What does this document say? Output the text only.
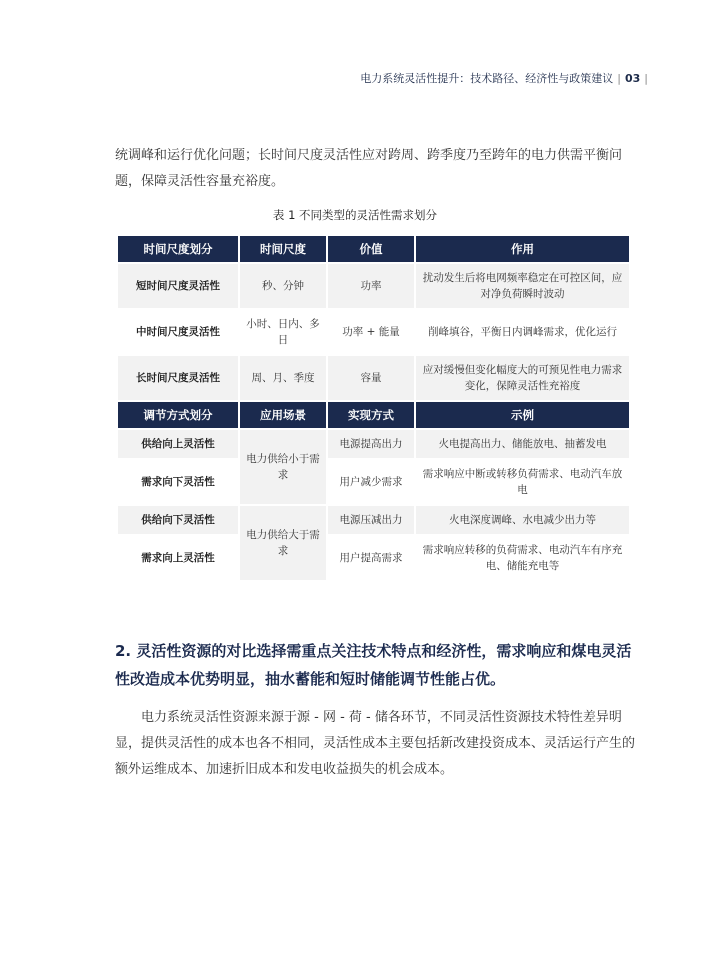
电力系统灵活性提升：技术路径、经济性与政策建议 | 03 |

统调峰和运行优化问题；长时间尺度灵活性应对跨周、跨季度乃至跨年的电力供需平衡问题，保障灵活性容量充裕度。

表 1 不同类型的灵活性需求划分
时间尺度划分	时间尺度	价值	作用
短时间尺度灵活性	秒、分钟	功率	扰动发生后将电网频率稳定在可控区间，应对净负荷瞬时波动
中时间尺度灵活性	小时、日内、多日	功率 + 能量	削峰填谷，平衡日内调峰需求，优化运行
长时间尺度灵活性	周、月、季度	容量	应对缓慢但变化幅度大的可预见性电力需求变化，保障灵活性充裕度
调节方式划分	应用场景	实现方式	示例
供给向上灵活性	电力供给小于需求	电源提高出力	火电提高出力、储能放电、抽蓄发电
需求向下灵活性		用户减少需求	需求响应中断或转移负荷需求、电动汽车放电
供给向下灵活性	电力供给大于需求	电源压减出力	火电深度调峰、水电减少出力等
需求向上灵活性		用户提高需求	需求响应转移的负荷需求、电动汽车有序充电、储能充电等
2. 灵活性资源的对比选择需重点关注技术特点和经济性，需求响应和煤电灵活性改造成本优势明显，抽水蓄能和短时储能调节性能占优。

电力系统灵活性资源来源于源 - 网 - 荷 - 储各环节，不同灵活性资源技术特性差异明显，提供灵活性的成本也各不相同，灵活性成本主要包括新改建投资成本、灵活运行产生的额外运维成本、加速折旧成本和发电收益损失的机会成本。
